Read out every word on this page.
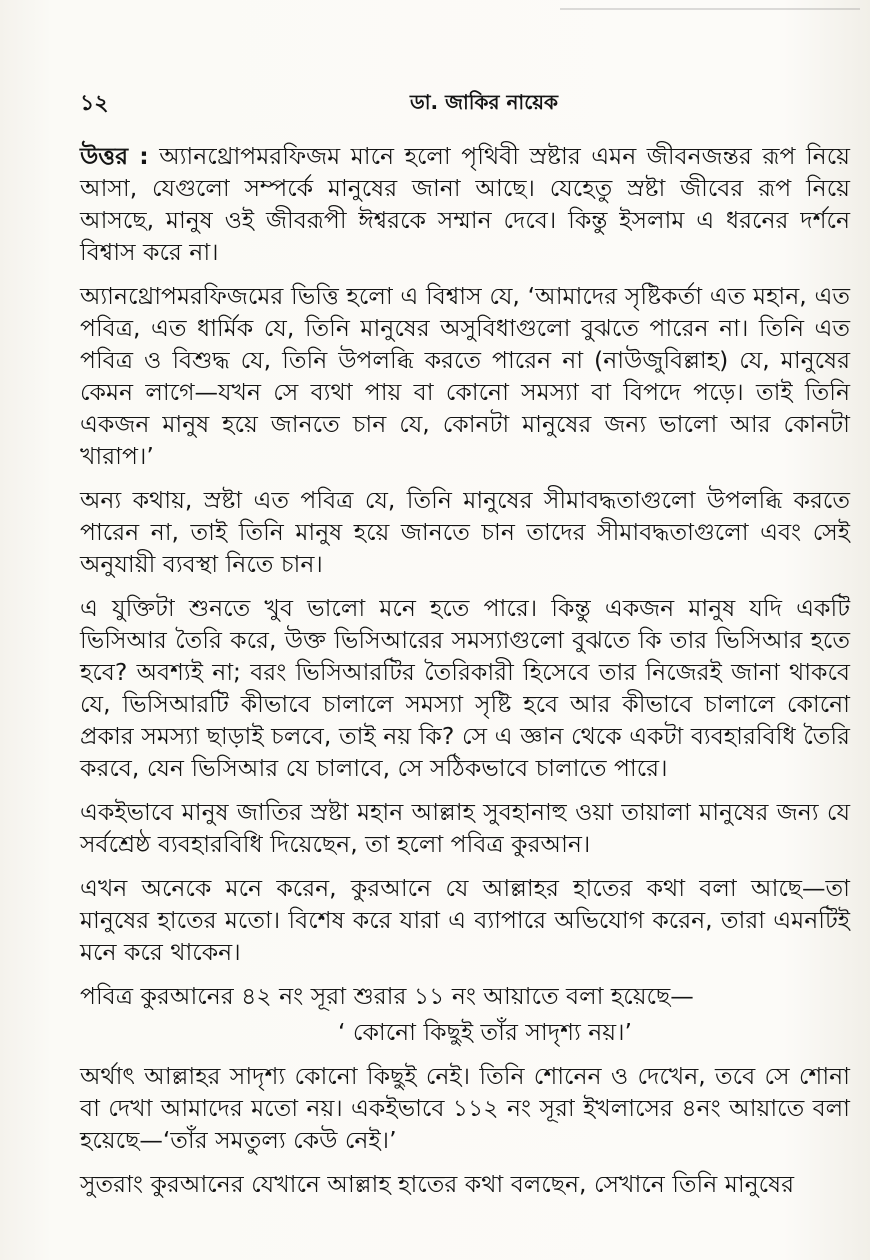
১২	ডা. জাকির নায়েক

উত্তর : অ্যানথ্রোপমরফিজম মানে হলো পৃথিবী স্রষ্টার এমন জীবনজন্তর রূপ নিয়ে আসা, যেগুলো সম্পর্কে মানুষের জানা আছে। যেহেতু স্রষ্টা জীবের রূপ নিয়ে আসছে, মানুষ ওই জীবরূপী ঈশ্বরকে সম্মান দেবে। কিন্তু ইসলাম এ ধরনের দর্শনে বিশ্বাস করে না।

অ্যানথ্রোপমরফিজমের ভিত্তি হলো এ বিশ্বাস যে, ‘আমাদের সৃষ্টিকর্তা এত মহান, এত পবিত্র, এত ধার্মিক যে, তিনি মানুষের অসুবিধাগুলো বুঝতে পারেন না। তিনি এত পবিত্র ও বিশুদ্ধ যে, তিনি উপলব্ধি করতে পারেন না (নাউজুবিল্লাহ) যে, মানুষের কেমন লাগে—যখন সে ব্যথা পায় বা কোনো সমস্যা বা বিপদে পড়ে। তাই তিনি একজন মানুষ হয়ে জানতে চান যে, কোনটা মানুষের জন্য ভালো আর কোনটা খারাপ।’

অন্য কথায়, স্রষ্টা এত পবিত্র যে, তিনি মানুষের সীমাবদ্ধতাগুলো উপলব্ধি করতে পারেন না, তাই তিনি মানুষ হয়ে জানতে চান তাদের সীমাবদ্ধতাগুলো এবং সেই অনুযায়ী ব্যবস্থা নিতে চান।

এ যুক্তিটা শুনতে খুব ভালো মনে হতে পারে। কিন্তু একজন মানুষ যদি একটি ভিসিআর তৈরি করে, উক্ত ভিসিআরের সমস্যাগুলো বুঝতে কি তার ভিসিআর হতে হবে? অবশ্যই না; বরং ভিসিআরটির তৈরিকারী হিসেবে তার নিজেরই জানা থাকবে যে, ভিসিআরটি কীভাবে চালালে সমস্যা সৃষ্টি হবে আর কীভাবে চালালে কোনো প্রকার সমস্যা ছাড়াই চলবে, তাই নয় কি? সে এ জ্ঞান থেকে একটা ব্যবহারবিধি তৈরি করবে, যেন ভিসিআর যে চালাবে, সে সঠিকভাবে চালাতে পারে।

একইভাবে মানুষ জাতির স্রষ্টা মহান আল্লাহ সুবহানাহু ওয়া তায়ালা মানুষের জন্য যে সর্বশ্রেষ্ঠ ব্যবহারবিধি দিয়েছেন, তা হলো পবিত্র কুরআন।

এখন অনেকে মনে করেন, কুরআনে যে আল্লাহর হাতের কথা বলা আছে—তা মানুষের হাতের মতো। বিশেষ করে যারা এ ব্যাপারে অভিযোগ করেন, তারা এমনটিই মনে করে থাকেন।

পবিত্র কুরআনের ৪২ নং সূরা শুরার ১১ নং আয়াতে বলা হয়েছে—

‘ কোনো কিছুই তাঁর সাদৃশ্য নয়।’

অর্থাৎ আল্লাহর সাদৃশ্য কোনো কিছুই নেই। তিনি শোনেন ও দেখেন, তবে সে শোনা বা দেখা আমাদের মতো নয়। একইভাবে ১১২ নং সূরা ইখলাসের ৪নং আয়াতে বলা হয়েছে—‘তাঁর সমতুল্য কেউ নেই।’

সুতরাং কুরআনের যেখানে আল্লাহ হাতের কথা বলছেন, সেখানে তিনি মানুষের
